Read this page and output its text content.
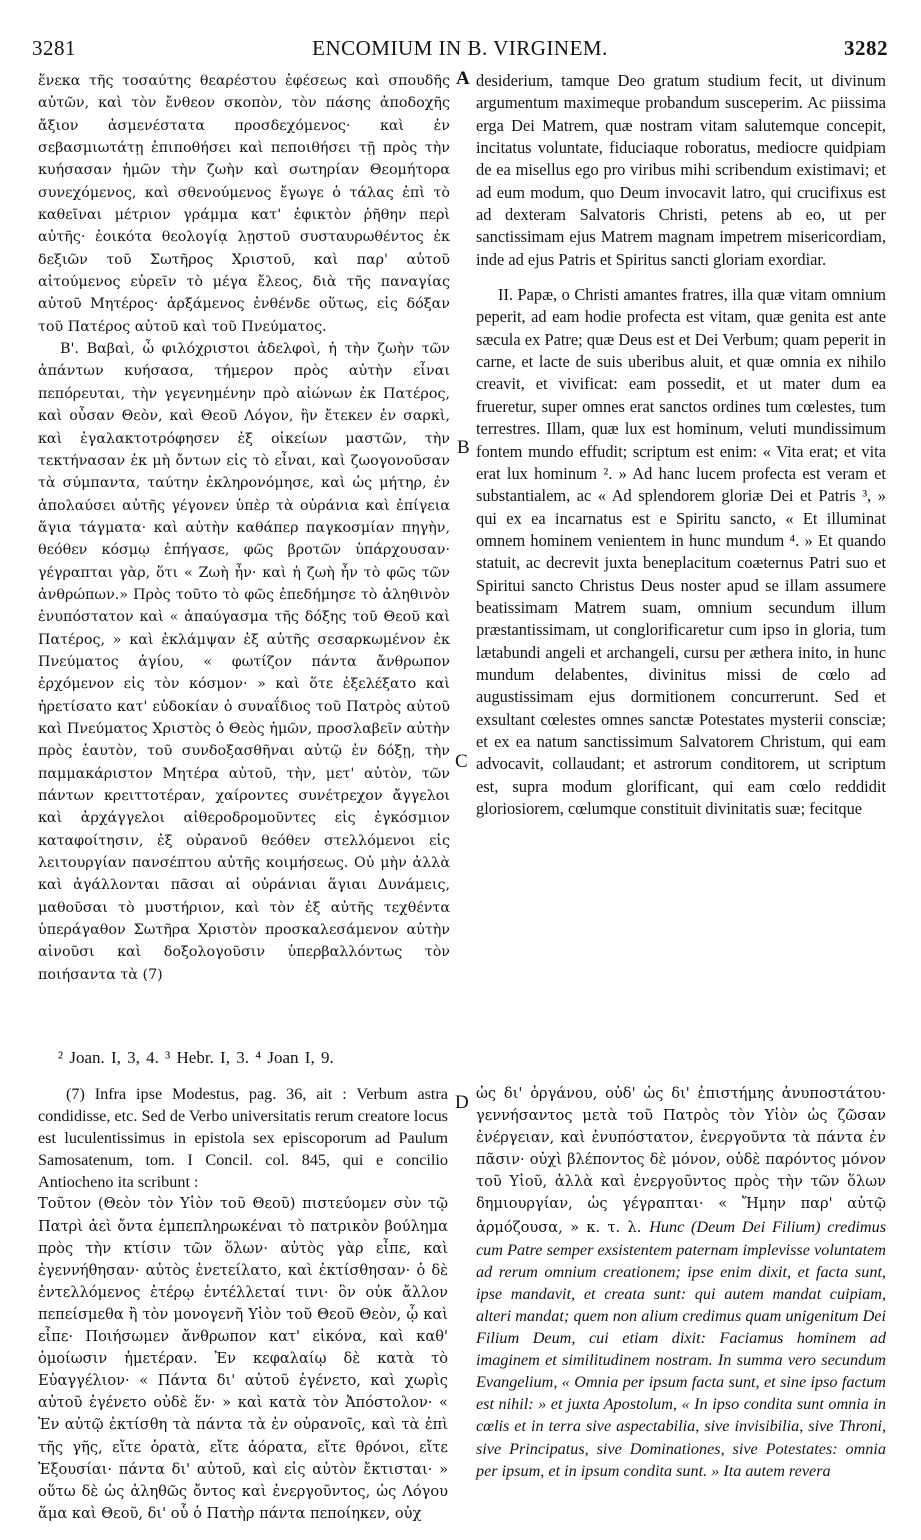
3281	ENCOMIUM IN B. VIRGINEM.	3282

ἕνεκα τῆς τοσαύτης θεαρέστου ἐφέσεως καὶ σπουδῆς αὐτῶν, καὶ τὸν ἔνθεον σκοπὸν, τὸν πάσης ἀποδοχῆς ἄξιον ἀσμενέστατα προσδεχόμενος· καὶ ἐν σεβασμιωτάτῃ ἐπιποθήσει καὶ πεποιθήσει τῇ πρὸς τὴν κυήσασαν ἡμῶν τὴν ζωὴν καὶ σωτηρίαν Θεομήτορα συνεχόμενος, καὶ σθενούμενος ἔγωγε ὁ τάλας ἐπὶ τὸ καθεῖναι μέτριον γράμμα κατ' ἐφικτὸν ῥῆθην περὶ αὐτῆς· ἐοικότα θεολογίᾳ λῃστοῦ συσταυρωθέντος ἐκ δεξιῶν τοῦ Σωτῆρος Χριστοῦ, καὶ παρ' αὐτοῦ αἰτούμενος εὑρεῖν τὸ μέγα ἔλεος, διὰ τῆς παναγίας αὐτοῦ Μητέρος· ἀρξάμενος ἐνθένδε οὕτως, εἰς δόξαν τοῦ Πατέρος αὐτοῦ καὶ τοῦ Πνεύματος.

Β'. Βαβαὶ, ὦ φιλόχριστοι ἀδελφοὶ, ἡ τὴν ζωὴν τῶν ἁπάντων κυήσασα, τήμερον πρὸς αὐτὴν εἶναι πεπόρευται, τὴν γεγενημένην πρὸ αἰώνων ἐκ Πατέρος, καὶ οὖσαν Θεὸν, καὶ Θεοῦ Λόγον, ἣν ἔτεκεν ἐν σαρκὶ, καὶ ἐγαλακτοτρόφησεν ἐξ οἰκείων μαστῶν, τὴν τεκτήνασαν ἐκ μὴ ὄντων εἰς τὸ εἶναι, καὶ ζωογονοῦσαν τὰ σύμπαντα, ταύτην ἐκληρονόμησε, καὶ ὡς μήτηρ, ἐν ἀπολαύσει αὐτῆς γέγονεν ὑπὲρ τὰ οὐράνια καὶ ἐπίγεια ἅγια τάγματα· καὶ αὐτὴν καθάπερ παγκοσμίαν πηγὴν, θεόθεν κόσμῳ ἐπήγασε, φῶς βροτῶν ὑπάρχουσαν· γέγραπται γὰρ, ὅτι « Ζωὴ ἦν· καὶ ἡ ζωὴ ἦν τὸ φῶς τῶν ἀνθρώπων.» Πρὸς τοῦτο τὸ φῶς ἐπεδήμησε τὸ ἀληθινὸν ἐνυπόστατον καὶ « ἀπαύγασμα τῆς δόξης τοῦ Θεοῦ καὶ Πατέρος, » καὶ ἐκλάμψαν ἐξ αὐτῆς σεσαρκωμένον ἐκ Πνεύματος ἁγίου, « φωτίζον πάντα ἄνθρωπον ἐρχόμενον εἰς τὸν κόσμον· » καὶ ὅτε ἐξελέξατο καὶ ἠρετίσατο κατ' εὐδοκίαν ὁ συναΐδιος τοῦ Πατρὸς αὐτοῦ καὶ Πνεύματος Χριστὸς ὁ Θεὸς ἡμῶν, προσλαβεῖν αὐτὴν πρὸς ἑαυτὸν, τοῦ συνδοξασθῆναι αὐτῷ ἐν δόξῃ, τὴν παμμακάριστον Μητέρα αὐτοῦ, τὴν, μετ' αὐτὸν, τῶν πάντων κρειττοτέραν, χαίροντες συνέτρεχον ἄγγελοι καὶ ἀρχάγγελοι αἰθεροδρομοῦντες εἰς ἐγκόσμιον καταφοίτησιν, ἐξ οὐρανοῦ θεόθεν στελλόμενοι εἰς λειτουργίαν πανσέπτου αὐτῆς κοιμήσεως. Οὐ μὴν ἀλλὰ καὶ ἀγάλλονται πᾶσαι αἱ οὐράνιαι ἅγιαι Δυνάμεις, μαθοῦσαι τὸ μυστήριον, καὶ τὸν ἐξ αὐτῆς τεχθέντα ὑπεράγαθον Σωτῆρα Χριστὸν προσκαλεσάμενον αὐτὴν αἰνοῦσι καὶ δοξολογοῦσιν ὑπερβαλλόντως τὸν ποιήσαντα τὰ (7)

A
B
C

desiderium, tamque Deo gratum studium fecit, ut divinum argumentum maximeque probandum susceperim. Ac piissima erga Dei Matrem, quæ nostram vitam salutemque concepit, incitatus voluntate, fiduciaque roboratus, mediocre quidpiam de ea misellus ego pro viribus mihi scribendum existimavi; et ad eum modum, quo Deum invocavit latro, qui crucifixus est ad dexteram Salvatoris Christi, petens ab eo, ut per sanctissimam ejus Matrem magnam impetrem misericordiam, inde ad ejus Patris et Spiritus sancti gloriam exordiar.

II. Papæ, o Christi amantes fratres, illa quæ vitam omnium peperit, ad eam hodie profecta est vitam, quæ genita est ante sæcula ex Patre; quæ Deus est et Dei Verbum; quam peperit in carne, et lacte de suis uberibus aluit, et quæ omnia ex nihilo creavit, et vivificat: eam possedit, et ut mater dum ea frueretur, super omnes erat sanctos ordines tum cœlestes, tum terrestres. Illam, quæ lux est hominum, veluti mundissimum fontem mundo effudit; scriptum est enim: « Vita erat; et vita erat lux hominum ². » Ad hanc lucem profecta est veram et substantialem, ac « Ad splendorem gloriæ Dei et Patris ³, » qui ex ea incarnatus est e Spiritu sancto, « Et illuminat omnem hominem venientem in hunc mundum ⁴. » Et quando statuit, ac decrevit juxta beneplacitum coæternus Patri suo et Spiritui sancto Christus Deus noster apud se illam assumere beatissimam Matrem suam, omnium secundum illum præstantissimam, ut conglorificaretur cum ipso in gloria, tum lætabundi angeli et archangeli, cursu per æthera inito, in hunc mundum delabentes, divinitus missi de cœlo ad augustissimam ejus dormitionem concurrerunt. Sed et exsultant cœlestes omnes sanctæ Potestates mysterii consciæ; et ex ea natum sanctissimum Salvatorem Christum, qui eam advocavit, collaudant; et astrorum conditorem, ut scriptum est, supra modum glorificant, qui eam cœlo reddidit gloriosiorem, cœlumque constituit divinitatis suæ; fecitque

² Joan. I, 3, 4. ³ Hebr. I, 3. ⁴ Joan I, 9.

(7) Infra ipse Modestus, pag. 36, ait : Verbum astra condidisse, etc. Sed de Verbo universitatis rerum creatore locus est luculentissimus in epistola sex episcoporum ad Paulum Samosatenum, tom. I Concil. col. 845, qui e concilio Antiocheno ita scribunt :

Τοῦτον (Θεὸν τὸν Υἱὸν τοῦ Θεοῦ) πιστεύομεν σὺν τῷ Πατρὶ ἀεὶ ὄντα ἐμπεπληρωκέναι τὸ πατρικὸν βούλημα πρὸς τὴν κτίσιν τῶν ὅλων· αὐτὸς γὰρ εἶπε, καὶ ἐγεννήθησαν· αὐτὸς ἐνετείλατο, καὶ ἐκτίσθησαν· ὁ δὲ ἐντελλόμενος ἑτέρῳ ἐντέλλεταί τινι· ὃν οὐκ ἄλλον πεπείσμεθα ἢ τὸν μονογενῆ Υἱὸν τοῦ Θεοῦ Θεὸν, ᾧ καὶ εἶπε· Ποιήσωμεν ἄνθρωπον κατ' εἰκόνα, καὶ καθ' ὁμοίωσιν ἡμετέραν. Ἐν κεφαλαίῳ δὲ κατὰ τὸ Εὐαγγέλιον· « Πάντα δι' αὐτοῦ ἐγένετο, καὶ χωρὶς αὐτοῦ ἐγένετο οὐδὲ ἕν· » καὶ κατὰ τὸν Ἀπόστολον· « Ἐν αὐτῷ ἐκτίσθη τὰ πάντα τὰ ἐν οὐρανοῖς, καὶ τὰ ἐπὶ τῆς γῆς, εἴτε ὁρατὰ, εἴτε ἀόρατα, εἴτε θρόνοι, εἴτε Ἐξουσίαι· πάντα δι' αὐτοῦ, καὶ εἰς αὐτὸν ἔκτισται· » οὕτω δὲ ὡς ἀληθῶς ὄντος καὶ ἐνεργοῦντος, ὡς Λόγου ἅμα καὶ Θεοῦ, δι' οὗ ὁ Πατὴρ πάντα πεποίηκεν, οὐχ

D ὡς δι' ὀργάνου, οὐδ' ὡς δι' ἐπιστήμης ἀνυποστάτου· γεννήσαντος μετὰ τοῦ Πατρὸς τὸν Υἱὸν ὡς ζῶσαν ἐνέργειαν, καὶ ἐνυπόστατον, ἐνεργοῦντα τὰ πάντα ἐν πᾶσιν· οὐχὶ βλέποντος δὲ μόνον, οὐδὲ παρόντος μόνον τοῦ Υἱοῦ, ἀλλὰ καὶ ἐνεργοῦντος πρὸς τὴν τῶν ὅλων δημιουργίαν, ὡς γέγραπται· « Ἤμην παρ' αὐτῷ ἁρμόζουσα, » κ. τ. λ. Hunc (Deum Dei Filium) credimus cum Patre semper exsistentem paternam implevisse voluntatem ad rerum omnium creationem; ipse enim dixit, et facta sunt, ipse mandavit, et creata sunt: qui autem mandat cuipiam, alteri mandat; quem non alium credimus quam unigenitum Dei Filium Deum, cui etiam dixit: Faciamus hominem ad imaginem et similitudinem nostram. In summa vero secundum Evangelium, « Omnia per ipsum facta sunt, et sine ipso factum est nihil: » et juxta Apostolum, « In ipso condita sunt omnia in cœlis et in terra sive aspectabilia, sive invisibilia, sive Throni, sive Principatus, sive Dominationes, sive Potestates: omnia per ipsum, et in ipsum condita sunt. » Ita autem revera
